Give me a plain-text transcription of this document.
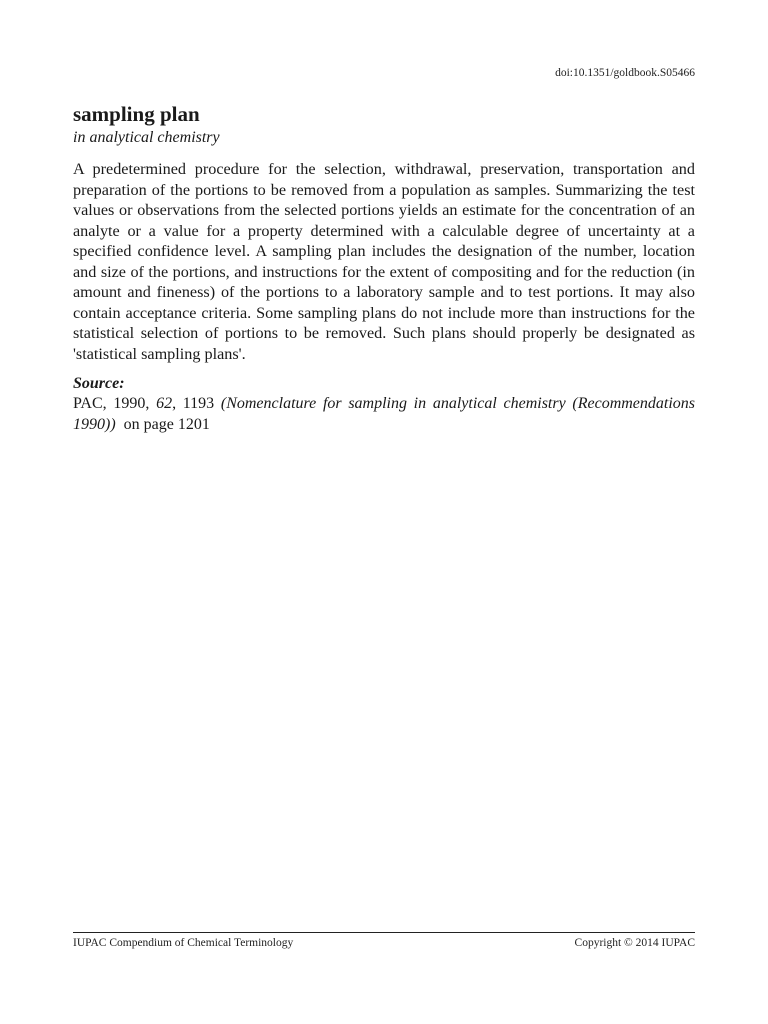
doi:10.1351/goldbook.S05466
sampling plan

in analytical chemistry

A predetermined procedure for the selection, withdrawal, preservation, transportation and preparation of the portions to be removed from a population as samples. Summarizing the test values or observations from the selected portions yields an estimate for the concentration of an analyte or a value for a property determined with a calculable degree of uncertainty at a specified confidence level. A sampling plan includes the designation of the number, location and size of the portions, and instructions for the extent of compositing and for the reduction (in amount and fineness) of the portions to a laboratory sample and to test portions. It may also contain acceptance criteria. Some sampling plans do not include more than instructions for the statistical selection of portions to be removed. Such plans should properly be designated as 'statistical sampling plans'.

Source:

PAC, 1990, 62, 1193 (Nomenclature for sampling in analytical chemistry (Recommendations 1990)) on page 1201

IUPAC Compendium of Chemical Terminology	Copyright © 2014 IUPAC
